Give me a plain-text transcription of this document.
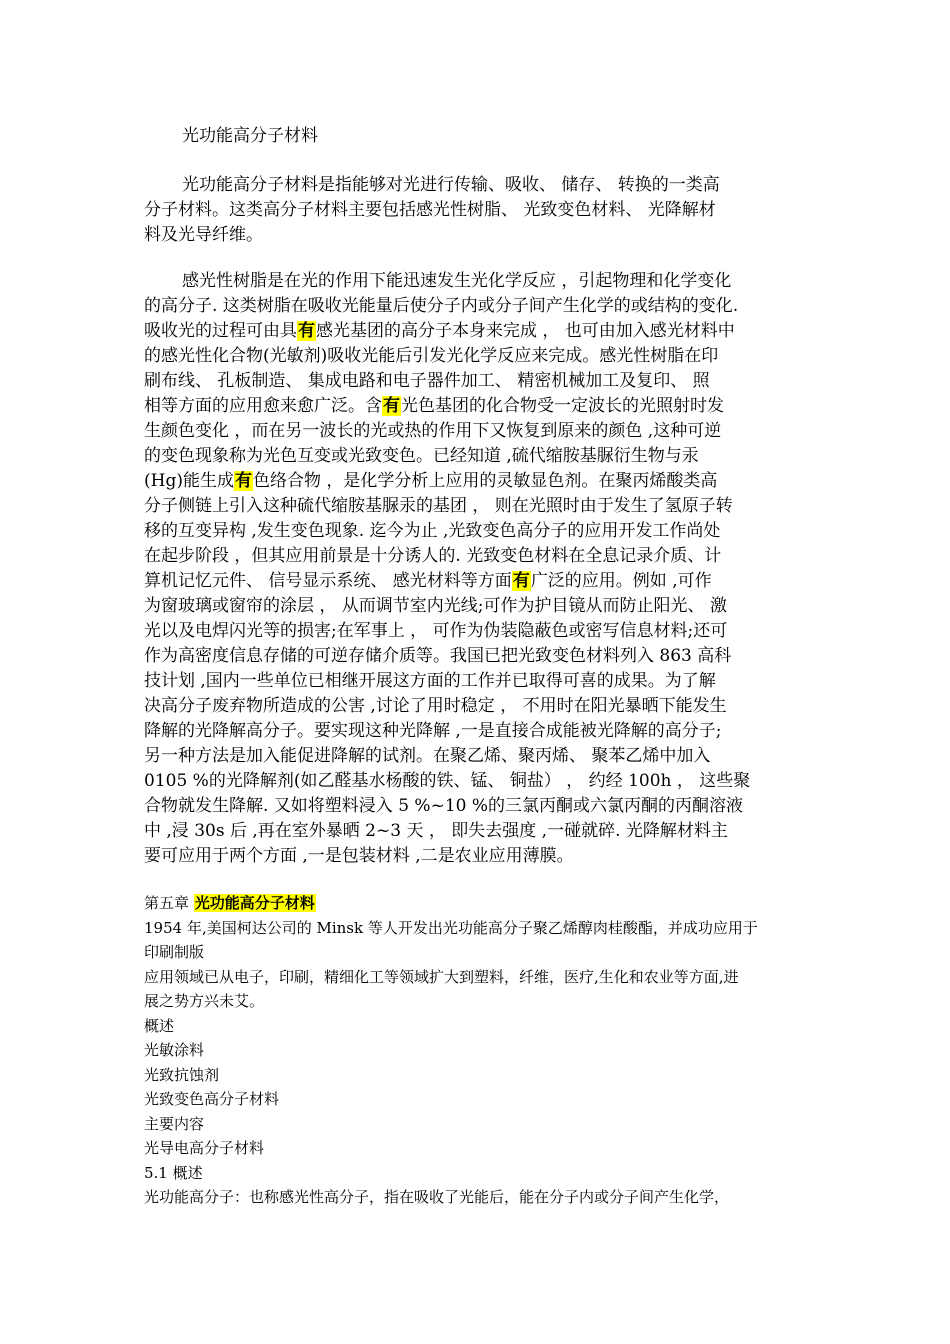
光功能高分子材料
光功能高分子材料是指能够对光进行传输、吸收、 储存、 转换的一类高
分子材料。这类高分子材料主要包括感光性树脂、 光致变色材料、 光降解材
料及光导纤维。
感光性树脂是在光的作用下能迅速发生光化学反应 ，引起物理和化学变化
的高分子. 这类树脂在吸收光能量后使分子内或分子间产生化学的或结构的变化.
吸收光的过程可由具有感光基团的高分子本身来完成 ， 也可由加入感光材料中
的感光性化合物(光敏剂)吸收光能后引发光化学反应来完成。感光性树脂在印
刷布线、 孔板制造、 集成电路和电子器件加工、 精密机械加工及复印、 照
相等方面的应用愈来愈广泛。含有光色基团的化合物受一定波长的光照射时发
生颜色变化 ，而在另一波长的光或热的作用下又恢复到原来的颜色 ,这种可逆
的变色现象称为光色互变或光致变色。已经知道 ,硫代缩胺基脲衍生物与汞
(Hg)能生成有色络合物 ，是化学分析上应用的灵敏显色剂。在聚丙烯酸类高
分子侧链上引入这种硫代缩胺基脲汞的基团 ， 则在光照时由于发生了氢原子转
移的互变异构 ,发生变色现象. 迄今为止 ,光致变色高分子的应用开发工作尚处
在起步阶段 ，但其应用前景是十分诱人的. 光致变色材料在全息记录介质、计
算机记忆元件、 信号显示系统、 感光材料等方面有广泛的应用。例如 ,可作
为窗玻璃或窗帘的涂层 ， 从而调节室内光线;可作为护目镜从而防止阳光、 激
光以及电焊闪光等的损害;在军事上 ， 可作为伪装隐蔽色或密写信息材料;还可
作为高密度信息存储的可逆存储介质等。我国已把光致变色材料列入 863 高科
技计划 ,国内一些单位已相继开展这方面的工作并已取得可喜的成果。为了解
决高分子废弃物所造成的公害 ,讨论了用时稳定 ， 不用时在阳光暴晒下能发生
降解的光降解高分子。要实现这种光降解 ,一是直接合成能被光降解的高分子;
另一种方法是加入能促进降解的试剂。在聚乙烯、聚丙烯、 聚苯乙烯中加入
0105 %的光降解剂(如乙醛基水杨酸的铁、锰、 铜盐） ， 约经 100h ， 这些聚
合物就发生降解. 又如将塑料浸入 5 %~10 %的三氯丙酮或六氯丙酮的丙酮溶液
中 ,浸 30s 后 ,再在室外暴晒 2~3 天 ， 即失去强度 ,一碰就碎. 光降解材料主
要可应用于两个方面 ,一是包装材料 ,二是农业应用薄膜。
第五章 光功能高分子材料
1954 年,美国柯达公司的 Minsk 等人开发出光功能高分子聚乙烯醇肉桂酸酯，并成功应用于
印刷制版
应用领域已从电子，印刷，精细化工等领域扩大到塑料，纤维，医疗,生化和农业等方面,进
展之势方兴未艾。
概述
光敏涂料
光致抗蚀剂
光致变色高分子材料
主要内容
光导电高分子材料
5.1 概述
光功能高分子：也称感光性高分子，指在吸收了光能后，能在分子内或分子间产生化学，
